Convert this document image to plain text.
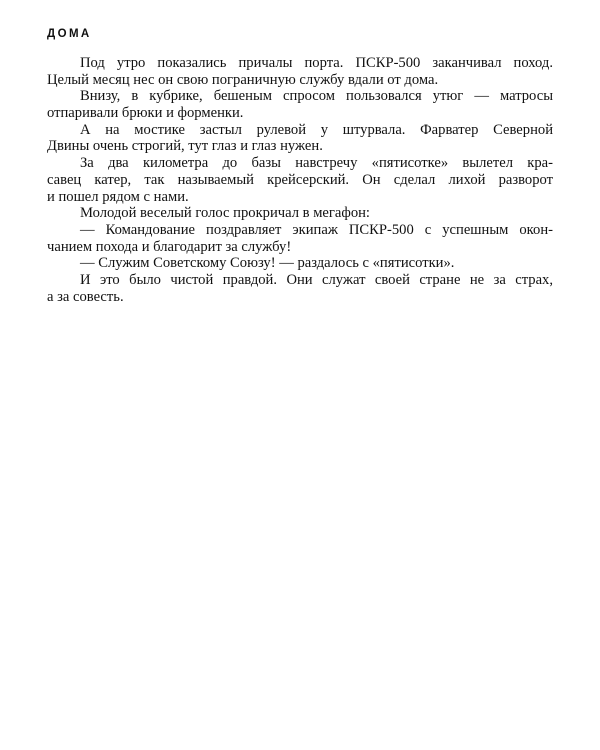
ДОМА

Под утро показались причалы порта. ПСКР-500 заканчивал поход.
Целый месяц нес он свою пограничную службу вдали от дома.

Внизу, в кубрике, бешеным спросом пользовался утюг — матросы
отпаривали брюки и форменки.

А на мостике застыл рулевой у штурвала. Фарватер Северной
Двины очень строгий, тут глаз и глаз нужен.

За два километра до базы навстречу «пятисотке» вылетел кра-
савец катер, так называемый крейсерский. Он сделал лихой разворот
и пошел рядом с нами.

Молодой веселый голос прокричал в мегафон:

— Командование поздравляет экипаж ПСКР-500 с успешным окон-
чанием похода и благодарит за службу!

— Служим Советскому Союзу! — раздалось с «пятисотки».

И это было чистой правдой. Они служат своей стране не за страх,
а за совесть.
